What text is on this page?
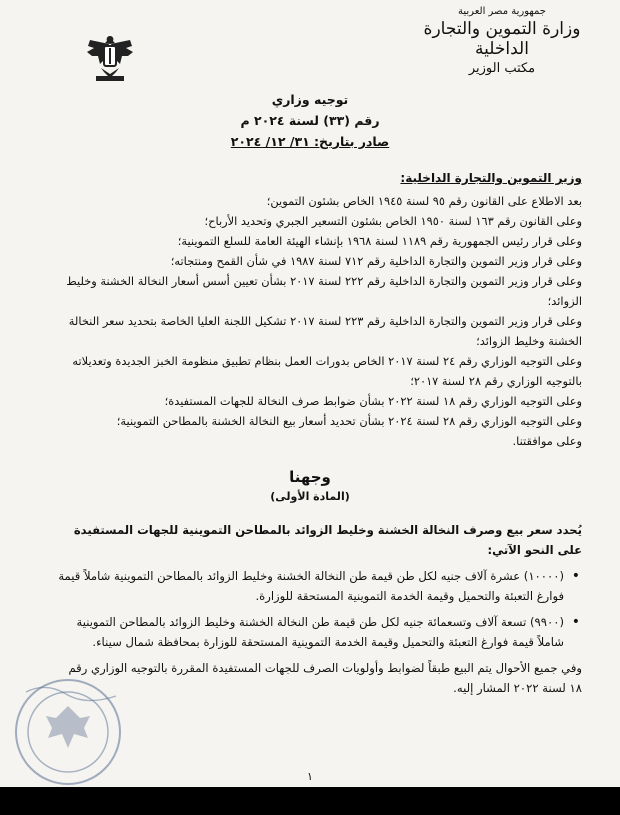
جمهورية مصر العربية
وزارة التموين والتجارة الداخلية
مكتب الوزير
توجيه وزاري
رقم (٣٣) لسنة ٢٠٢٤ م
صادر بتاريخ: ٣١/ ١٢/ ٢٠٢٤

وزير التموين والتجارة الداخلية:

بعد الاطلاع على القانون رقم ٩٥ لسنة ١٩٤٥ الخاص بشئون التموين؛

وعلى القانون رقم ١٦٣ لسنة ١٩٥٠ الخاص بشئون التسعير الجبري وتحديد الأرباح؛

وعلى قرار رئيس الجمهورية رقم ١١٨٩ لسنة ١٩٦٨ بإنشاء الهيئة العامة للسلع التموينية؛

وعلى قرار وزير التموين والتجارة الداخلية رقم ٧١٢ لسنة ١٩٨٧ في شأن القمح ومنتجاته؛

وعلى قرار وزير التموين والتجارة الداخلية رقم ٢٢٢ لسنة ٢٠١٧ بشأن تعيين أسس أسعار النخالة الخشنة وخليط الزوائد؛

وعلى قرار وزير التموين والتجارة الداخلية رقم ٢٢٣ لسنة ٢٠١٧ تشكيل اللجنة العليا الخاصة بتحديد سعر النخالة الخشنة وخليط الزوائد؛

وعلى التوجيه الوزاري رقم ٢٤ لسنة ٢٠١٧ الخاص بدورات العمل بنظام تطبيق منظومة الخبز الجديدة وتعديلاته بالتوجيه الوزاري رقم ٢٨ لسنة ٢٠١٧؛

وعلى التوجيه الوزاري رقم ١٨ لسنة ٢٠٢٢ بشأن ضوابط صرف النخالة للجهات المستفيدة؛

وعلى التوجيه الوزاري رقم ٢٨ لسنة ٢٠٢٤ بشأن تحديد أسعار بيع النخالة الخشنة بالمطاحن التموينية؛

وعلى موافقتنا.

وجهنا
(المادة الأولى)

يُحدد سعر بيع وصرف النخالة الخشنة وخليط الزوائد بالمطاحن التموينية للجهات المستفيدة على النحو الآتي:

• (١٠٠٠٠) عشرة آلاف جنيه لكل طن قيمة طن النخالة الخشنة وخليط الزوائد بالمطاحن التموينية شاملاً قيمة فوارغ التعبئة والتحميل وقيمة الخدمة التموينية المستحقة للوزارة.

• (٩٩٠٠) تسعة آلاف وتسعمائة جنيه لكل طن قيمة طن النخالة الخشنة وخليط الزوائد بالمطاحن التموينية شاملاً قيمة فوارغ التعبئة والتحميل وقيمة الخدمة التموينية المستحقة للوزارة بمحافظة شمال سيناء.

وفي جميع الأحوال يتم البيع طبقاً لضوابط وأولويات الصرف للجهات المستفيدة المقررة بالتوجيه الوزاري رقم ١٨ لسنة ٢٠٢٢ المشار إليه.

١
